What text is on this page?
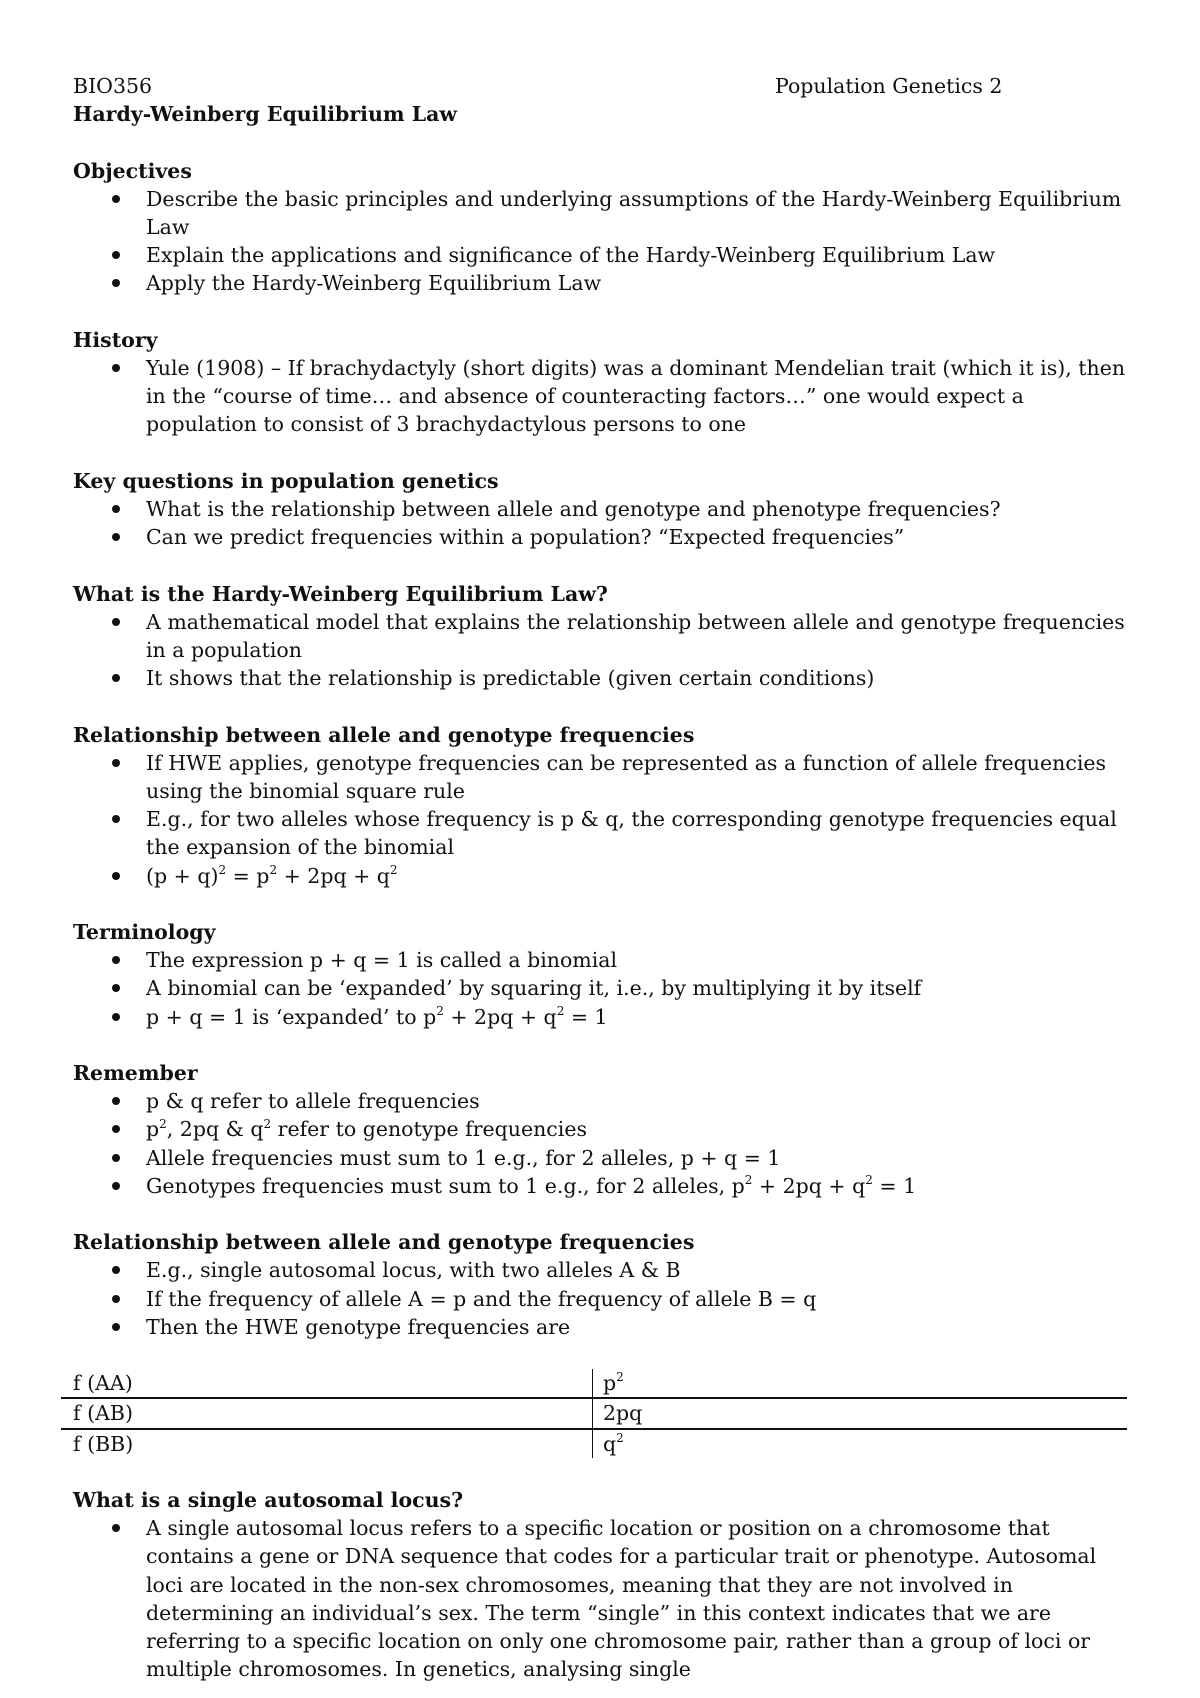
BIO356	Population Genetics 2
Hardy-Weinberg Equilibrium Law
Objectives
Describe the basic principles and underlying assumptions of the Hardy-Weinberg Equilibrium Law
Explain the applications and significance of the Hardy-Weinberg Equilibrium Law
Apply the Hardy-Weinberg Equilibrium Law
History
Yule (1908) – If brachydactyly (short digits) was a dominant Mendelian trait (which it is), then in the “course of time… and absence of counteracting factors…” one would expect a population to consist of 3 brachydactylous persons to one
Key questions in population genetics
What is the relationship between allele and genotype and phenotype frequencies?
Can we predict frequencies within a population? “Expected frequencies”
What is the Hardy-Weinberg Equilibrium Law?
A mathematical model that explains the relationship between allele and genotype frequencies in a population
It shows that the relationship is predictable (given certain conditions)
Relationship between allele and genotype frequencies
If HWE applies, genotype frequencies can be represented as a function of allele frequencies using the binomial square rule
E.g., for two alleles whose frequency is p & q, the corresponding genotype frequencies equal the expansion of the binomial
$(p + q)^2 = p^2 + 2pq + q^2$
Terminology
The expression p + q = 1 is called a binomial
A binomial can be ‘expanded’ by squaring it, i.e., by multiplying it by itself
p + q = 1 is ‘expanded’ to $p^2 + 2pq + q^2 = 1$
Remember
p & q refer to allele frequencies
$p^2$, 2pq & $q^2$ refer to genotype frequencies
Allele frequencies must sum to 1 e.g., for 2 alleles, p + q = 1
Genotypes frequencies must sum to 1 e.g., for 2 alleles, $p^2 + 2pq + q^2 = 1$
Relationship between allele and genotype frequencies
E.g., single autosomal locus, with two alleles A & B
If the frequency of allele A = p and the frequency of allele B = q
Then the HWE genotype frequencies are
f (AA)	$p^2$
f (AB)	2pq
f (BB)	$q^2$
What is a single autosomal locus?
A single autosomal locus refers to a specific location or position on a chromosome that contains a gene or DNA sequence that codes for a particular trait or phenotype. Autosomal loci are located in the non-sex chromosomes, meaning that they are not involved in determining an individual’s sex. The term “single” in this context indicates that we are referring to a specific location on only one chromosome pair, rather than a group of loci or multiple chromosomes. In genetics, analysing single
